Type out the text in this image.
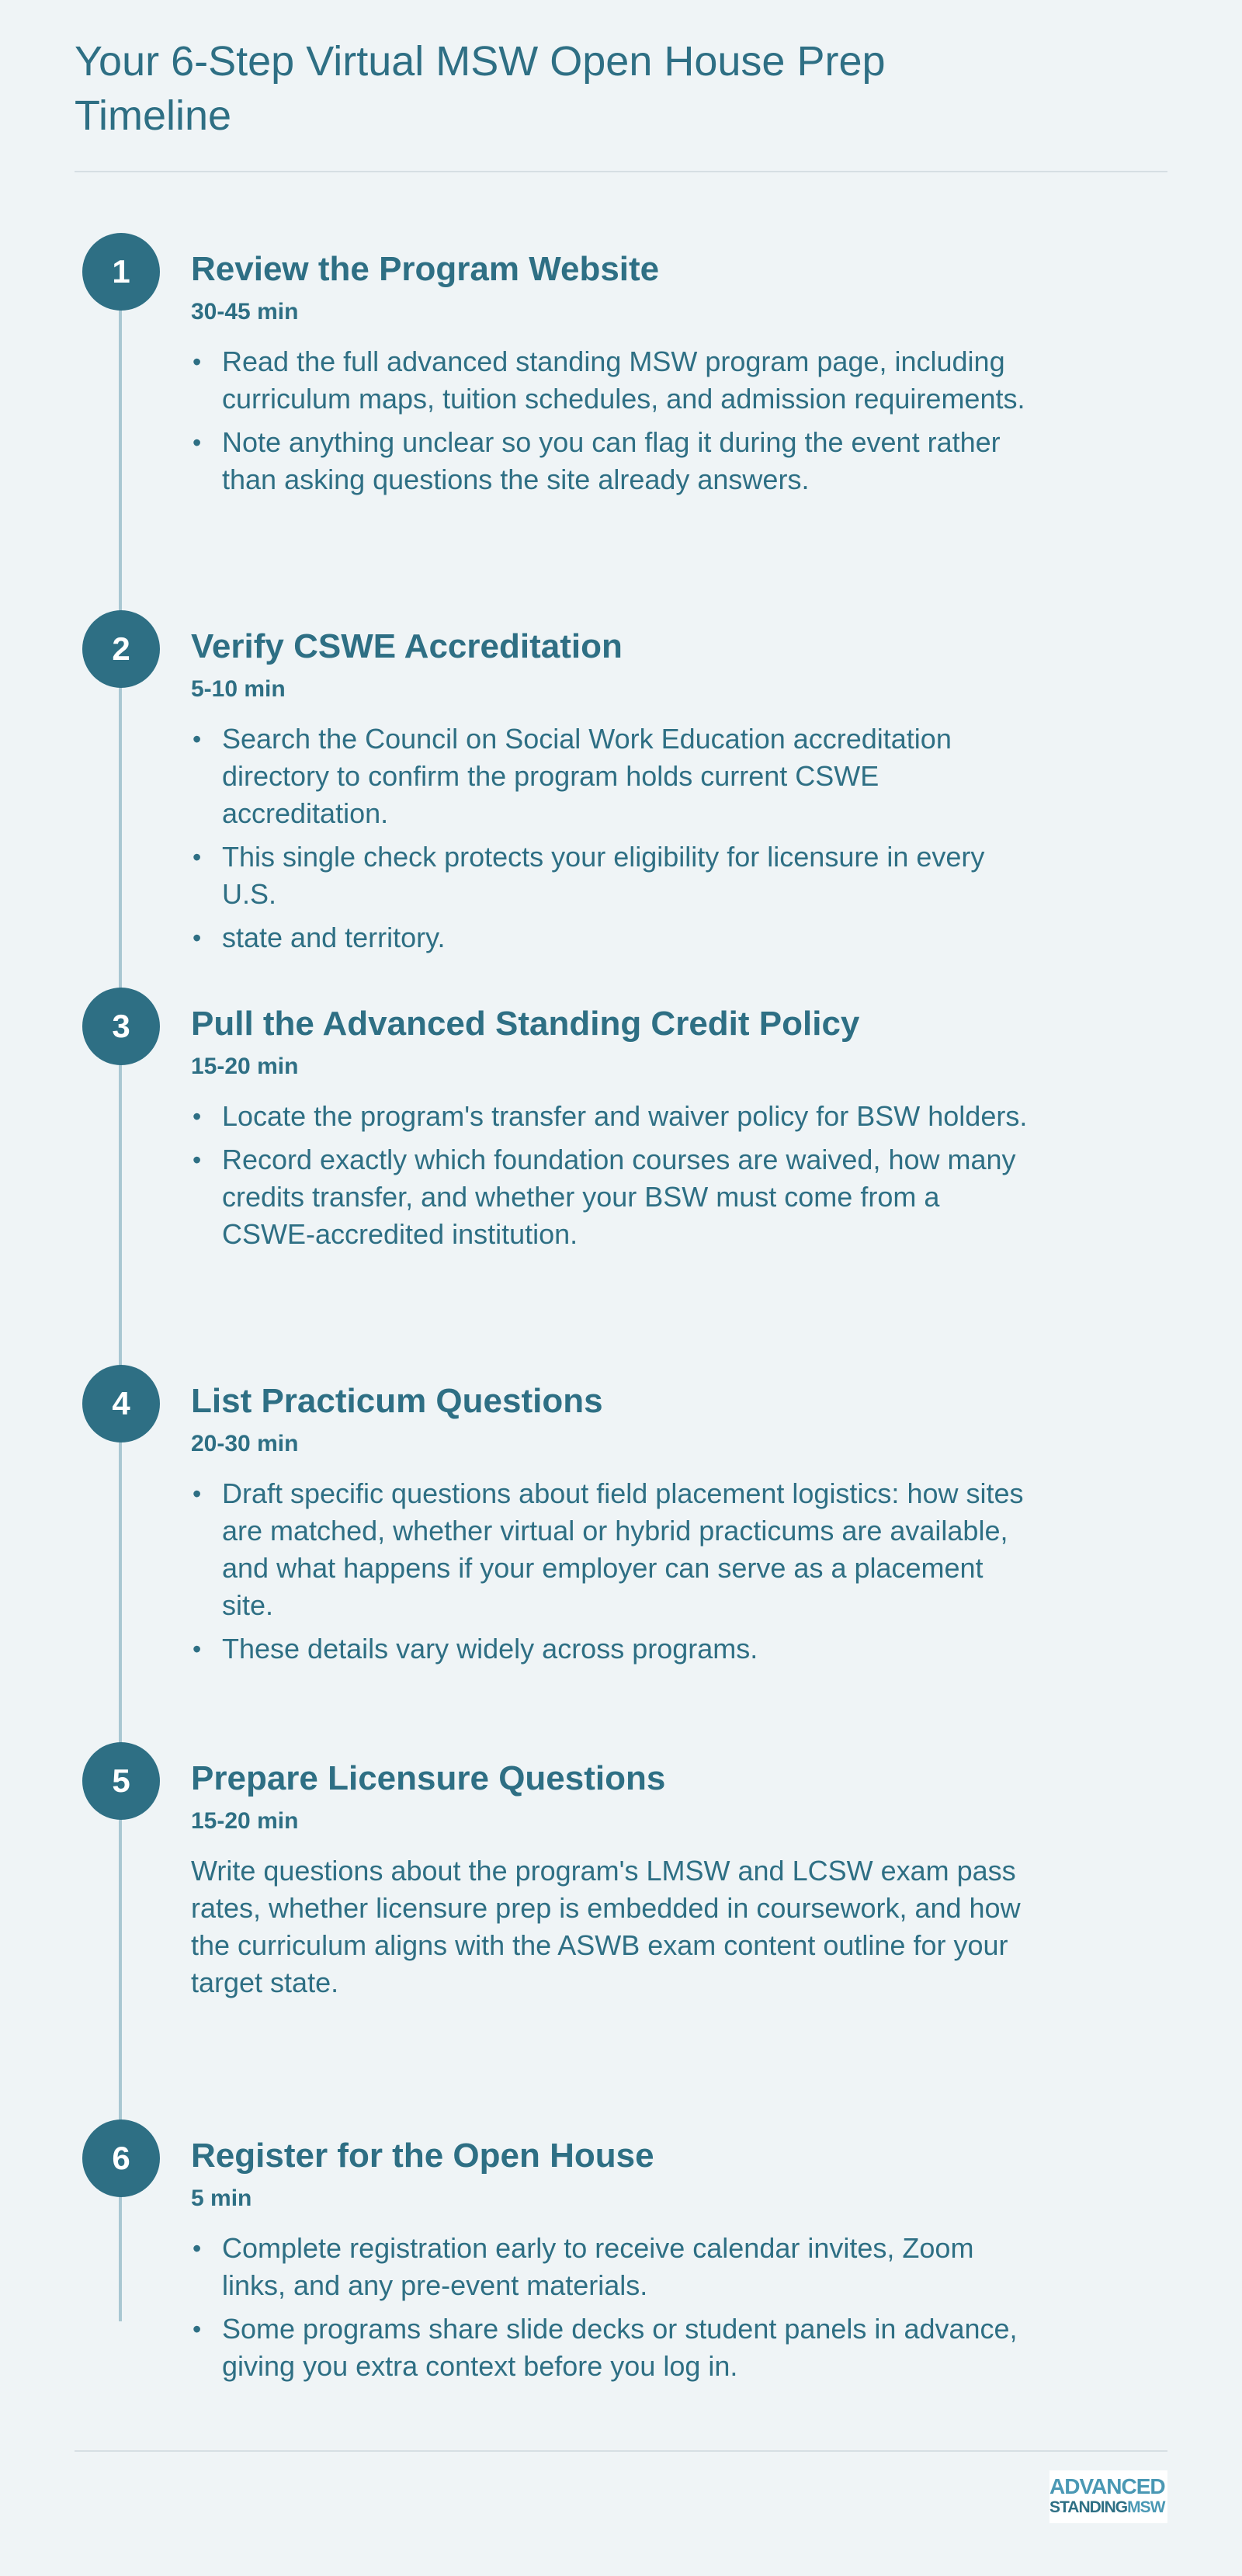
Your 6-Step Virtual MSW Open House Prep Timeline
1	Review the Program Website
30-45 min
• Read the full advanced standing MSW program page, including curriculum maps, tuition schedules, and admission requirements.
• Note anything unclear so you can flag it during the event rather than asking questions the site already answers.
2	Verify CSWE Accreditation
5-10 min
• Search the Council on Social Work Education accreditation directory to confirm the program holds current CSWE accreditation.
• This single check protects your eligibility for licensure in every U.S.
• state and territory.
3	Pull the Advanced Standing Credit Policy
15-20 min
• Locate the program's transfer and waiver policy for BSW holders.
• Record exactly which foundation courses are waived, how many credits transfer, and whether your BSW must come from a CSWE-accredited institution.
4	List Practicum Questions
20-30 min
• Draft specific questions about field placement logistics: how sites are matched, whether virtual or hybrid practicums are available, and what happens if your employer can serve as a placement site.
• These details vary widely across programs.
5	Prepare Licensure Questions
15-20 min
Write questions about the program's LMSW and LCSW exam pass rates, whether licensure prep is embedded in coursework, and how the curriculum aligns with the ASWB exam content outline for your target state.
6	Register for the Open House
5 min
• Complete registration early to receive calendar invites, Zoom links, and any pre-event materials.
• Some programs share slide decks or student panels in advance, giving you extra context before you log in.
ADVANCED
STANDINGMSW
